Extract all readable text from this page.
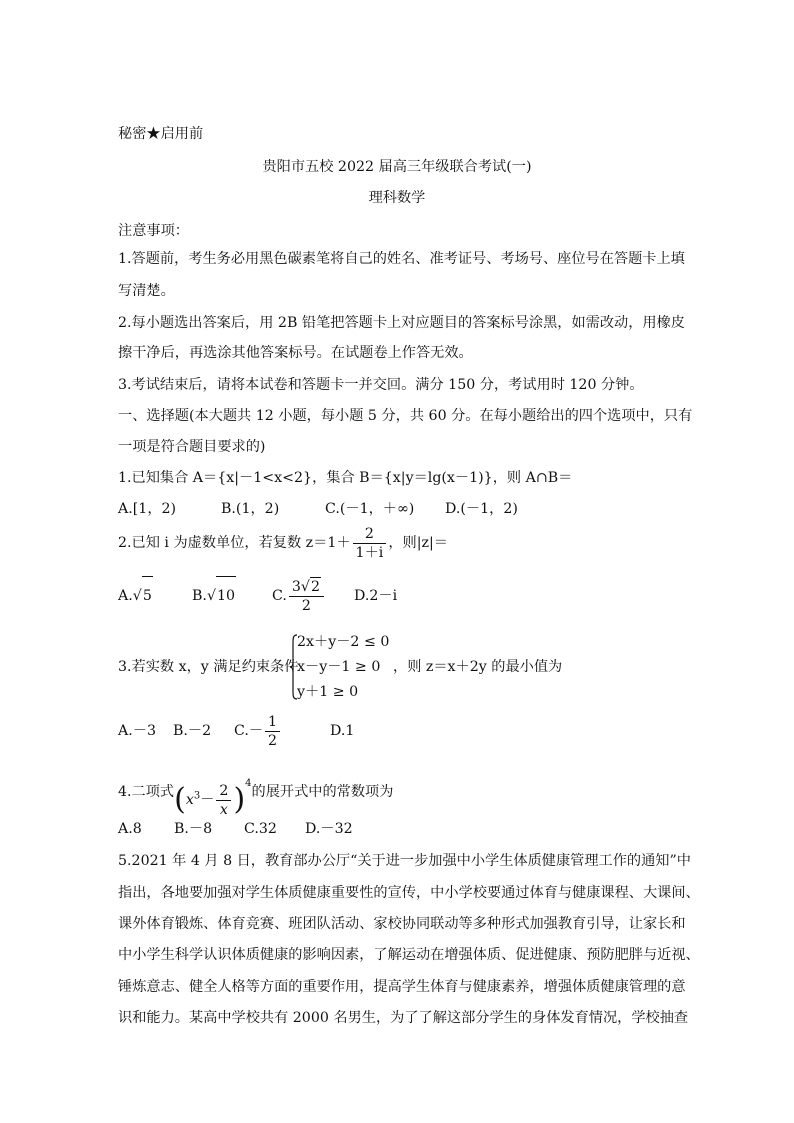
秘密★启用前
贵阳市五校 2022 届高三年级联合考试(一)
理科数学
注意事项：
1.答题前，考生务必用黑色碳素笔将自己的姓名、准考证号、考场号、座位号在答题卡上填
写清楚。
2.每小题选出答案后，用 2B 铅笔把答题卡上对应题目的答案标号涂黑，如需改动，用橡皮
擦干净后，再选涂其他答案标号。在试题卷上作答无效。
3.考试结束后，请将本试卷和答题卡一并交回。满分 150 分，考试用时 120 分钟。
一、选择题(本大题共 12 小题，每小题 5 分，共 60 分。在每小题给出的四个选项中，只有
一项是符合题目要求的)
1.已知集合 A＝{x|－1<x<2}，集合 B＝{x|y＝lg(x－1)}，则 A∩B＝
A.[1，2)	B.(1，2)	C.(－1，＋∞) D.(－1，2)
2.已知 i 为虚数单位，若复数 $z=1+ \frac{2}{1+i}$ ，则|z|＝
A.√5	B.√10	C. $\frac{3√2}{2} D.2-i$
2x＋y－2 ≤ 0
x－y－1 ≥ 0
y＋1 ≥ 0
3.若实数 x，y 满足约束条件	，则 z＝x＋2y 的最小值为
A.－3 B.－2 $C.- \frac{1}{2}$	D.1
4.二项式$(x^3- \frac{2}{x} )^4$的展开式中的常数项为
A.8 B.－8 C.32 D.－32
5.2021 年 4 月 8 日，教育部办公厅“关于进一步加强中小学生体质健康管理工作的通知”中
指出，各地要加强对学生体质健康重要性的宣传，中小学校要通过体育与健康课程、大课间、
课外体育锻炼、体育竞赛、班团队活动、家校协同联动等多种形式加强教育引导，让家长和
中小学生科学认识体质健康的影响因素，了解运动在增强体质、促进健康、预防肥胖与近视、
锤炼意志、健全人格等方面的重要作用，提高学生体育与健康素养，增强体质健康管理的意
识和能力。某高中学校共有 2000 名男生，为了了解这部分学生的身体发育情况，学校抽查
